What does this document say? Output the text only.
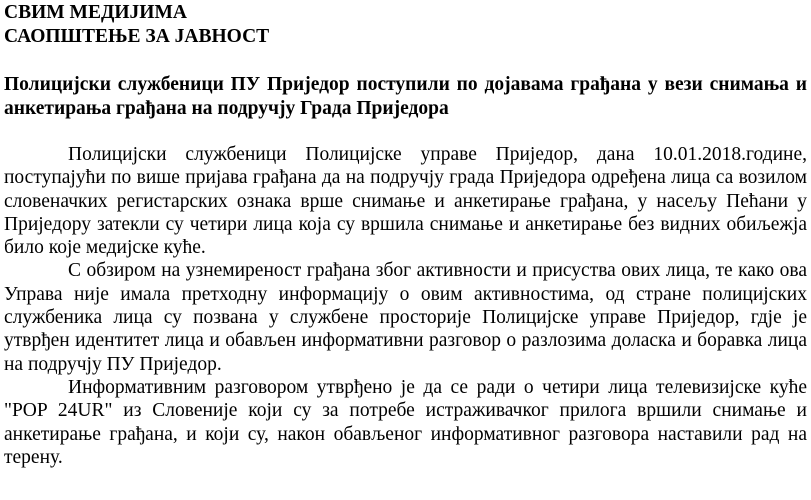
СВИМ МЕДИЈИМА
САОПШТЕЊЕ ЗА ЈАВНОСТ
Полицијски службеници ПУ Приједор поступили по дојавама грађана у вези снимања и анкетирања грађана на подручју Града Приједора

Полицијски службеници Полицијске управе Приједор, дана 10.01.2018.године, поступајући по више пријава грађана да на подручју града Приједора одређена лица са возилом словеначких регистарских ознака врше снимање и анкетирање грађана, у насељу Пећани у Приједору затекли су четири лица која су вршила снимање и анкетирање без видних обиљежја било које медијске куће.

С обзиром на узнемиреност грађана због активности и присуства ових лица, те како ова Управа није имала претходну информацију о овим активностима, од стране полицијских службеника лица су позвана у службене просторије Полицијске управе Приједор, гдје је утврђен идентитет лица и обављен информативни разговор о разлозима доласка и боравка лица на подручју ПУ Приједор.

Информативним разговором утврђено је да се ради о четири лица телевизијске куће "POP 24UR" из Словеније који су за потребе истраживачког прилога вршили снимање и анкетирање грађана, и који су, након обављеног информативног разговора наставили рад на терену.
